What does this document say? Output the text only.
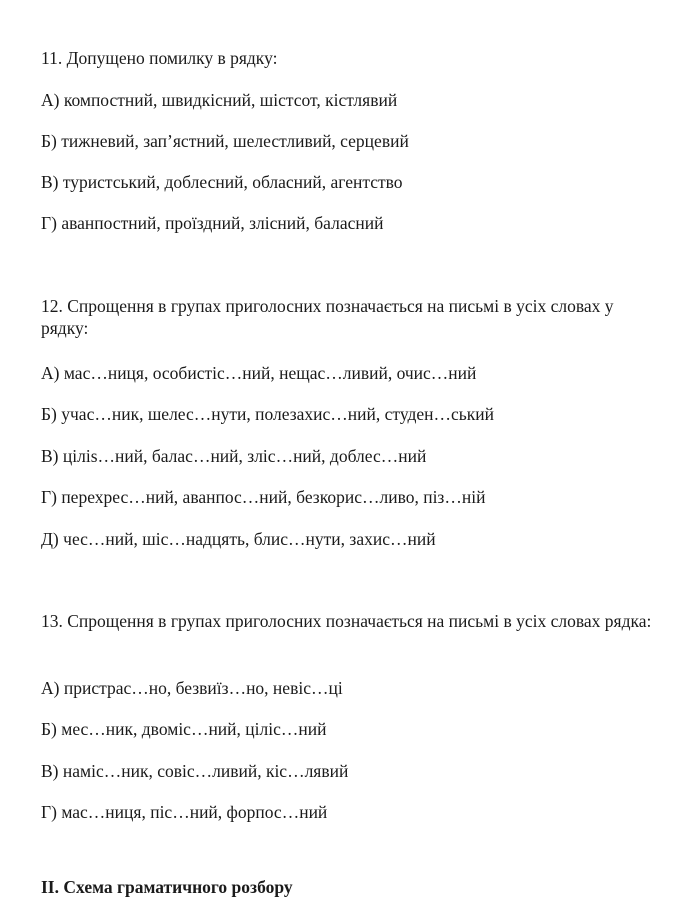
11. Допущено помилку в рядку:
А) компостний, швидкісний, шістсот, кістлявий
Б) тижневий, зап’ястний, шелестливий, серцевий
В) туристський, доблесний, обласний, агентство
Г) аванпостний, проїздний, злісний, баласний
12. Спрощення в групах приголосних позначається на письмі в усіх словах у рядку:
А) мас…ниця, особистіс…ний, нещас…ливий, очис…ний
Б) учас…ник, шелес…нути, полезахис…ний, студен…ський
В) цілis…ний, балас…ний, злic…ний, доблес…ний
Г) перехрес…ний, аванпос…ний, безкорис…ливо, пiз…нiй
Д) чес…ний, шіс…надцять, блис…нути, захис…ний
13. Спрощення в групах приголосних позначається на письмі в усіх словах рядка:
А) пристрас…но, безвиїз…но, невіс…ці
Б) мес…ник, двоміс…ний, цілic…ний
В) наміс…ник, совіс…ливий, кіс…лявий
Г) мас…ниця, піс…ний, форпос…ний
II. Схема граматичного розбору
